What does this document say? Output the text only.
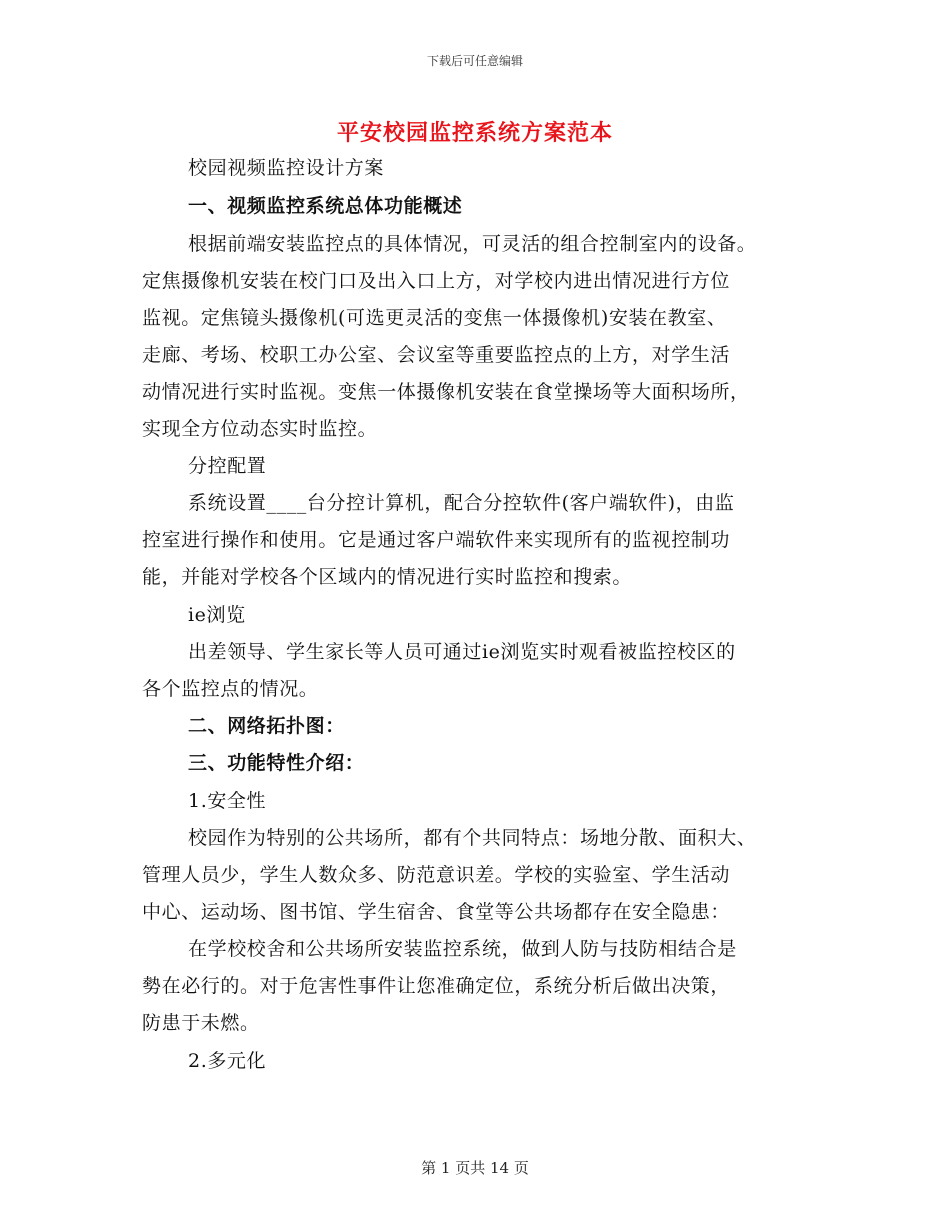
下载后可任意编辑
平安校园监控系统方案范本
校园视频监控设计方案
一、视频监控系统总体功能概述
根据前端安装监控点的具体情况，可灵活的组合控制室内的设备。
定焦摄像机安装在校门口及出入口上方，对学校内进出情况进行方位
监视。定焦镜头摄像机(可选更灵活的变焦一体摄像机)安装在教室、
走廊、考场、校职工办公室、会议室等重要监控点的上方，对学生活
动情况进行实时监视。变焦一体摄像机安装在食堂操场等大面积场所，
实现全方位动态实时监控。
分控配置
系统设置____台分控计算机，配合分控软件(客户端软件)，由监
控室进行操作和使用。它是通过客户端软件来实现所有的监视控制功
能，并能对学校各个区域内的情况进行实时监控和搜索。
ie浏览
出差领导、学生家长等人员可通过ie浏览实时观看被监控校区的
各个监控点的情况。
二、网络拓扑图：
三、功能特性介绍：
1.安全性
校园作为特别的公共场所，都有个共同特点：场地分散、面积大、
管理人员少，学生人数众多、防范意识差。学校的实验室、学生活动
中心、运动场、图书馆、学生宿舍、食堂等公共场都存在安全隐患：
在学校校舍和公共场所安装监控系统，做到人防与技防相结合是
勢在必行的。对于危害性事件让您准确定位，系统分析后做出决策，
防患于未燃。
2.多元化
第 1 页共 14 页
